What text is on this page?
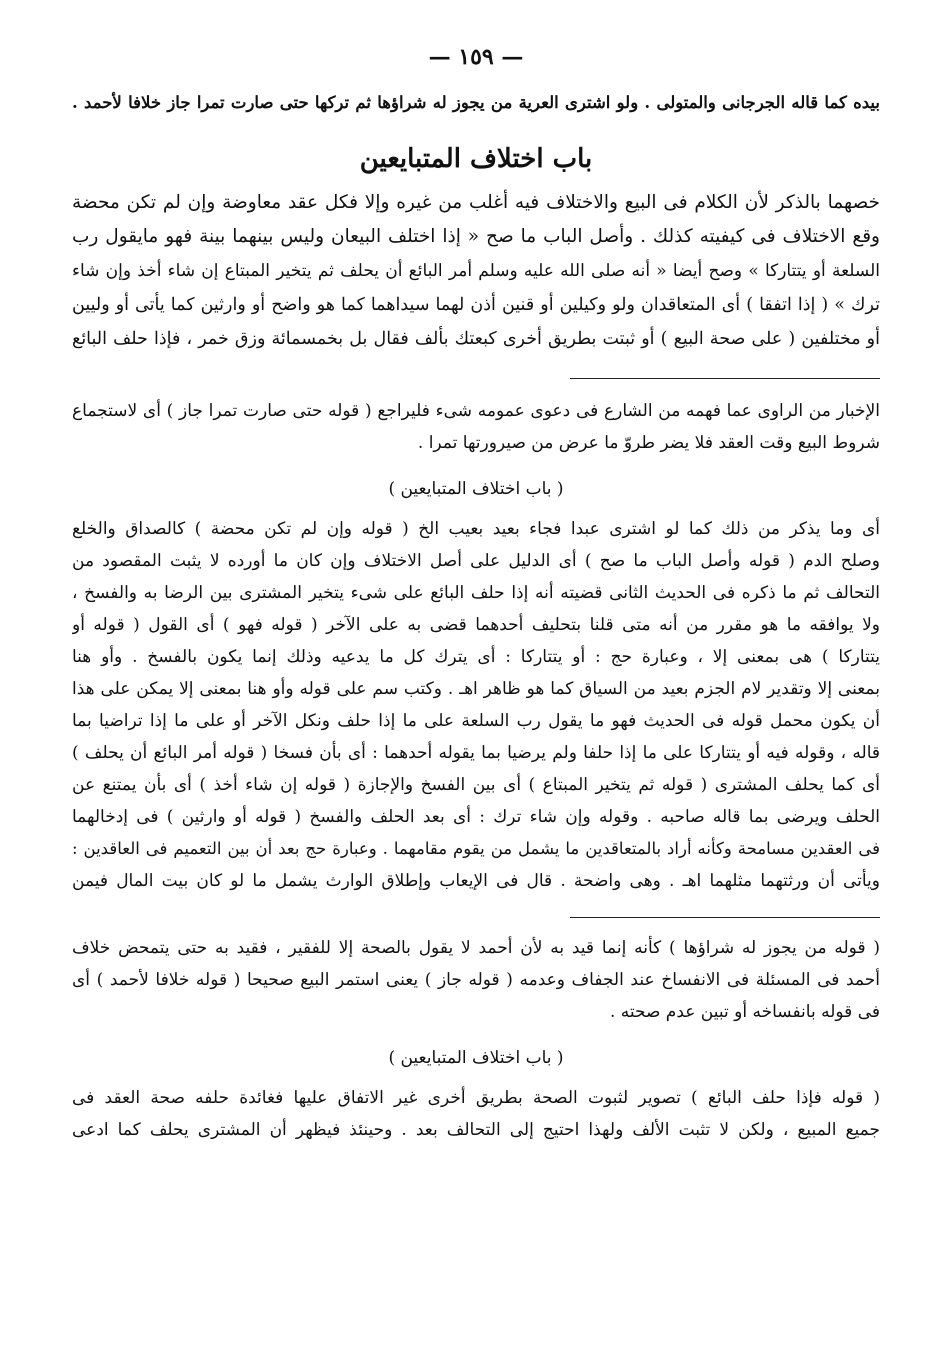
— ١٥٩ —
بيده كما قاله الجرجانى والمتولى . ولو اشترى العرية من يجوز له شراؤها ثم تركها حتى صارت تمرا جاز خلافا لأحمد .
باب اختلاف المتبايعين
خصهما بالذكر لأن الكلام فى البيع والاختلاف فيه أغلب من غيره وإلا فكل عقد معاوضة وإن لم تكن محضة
وقع الاختلاف فى كيفيته كذلك . وأصل الباب ما صح « إذا اختلف البيعان وليس بينهما بينة فهو مايقول رب
السلعة أو يتتاركا » وصح أيضا « أنه صلى الله عليه وسلم أمر البائع أن يحلف ثم يتخير المبتاع إن شاء أخذ وإن شاء
ترك » ( إذا اتفقا ) أى المتعاقدان ولو وكيلين أو قنين أذن لهما سيداهما كما هو واضح أو وارثين كما يأتى أو وليين
أو مختلفين ( على صحة البيع ) أو ثبتت بطريق أخرى كبعتك بألف فقال بل بخمسمائة وزق خمر ، فإذا حلف البائع
الإخبار من الراوى عما فهمه من الشارع فى دعوى عمومه شىء فليراجع ( قوله حتى صارت تمرا جاز ) أى لاستجماع
شروط البيع وقت العقد فلا يضر طروّ ما عرض من صيرورتها تمرا .
( باب اختلاف المتبايعين )
أى وما يذكر من ذلك كما لو اشترى عبدا فجاء بعيد بعيب الخ ( قوله وإن لم تكن محضة ) كالصداق والخلع
وصلح الدم ( قوله وأصل الباب ما صح ) أى الدليل على أصل الاختلاف وإن كان ما أورده لا يثبت المقصود من
التحالف ثم ما ذكره فى الحديث الثانى قضيته أنه إذا حلف البائع على شىء يتخير المشترى بين الرضا به والفسخ ،
ولا يوافقه ما هو مقرر من أنه متى قلنا بتحليف أحدهما قضى به على الآخر ( قوله فهو ) أى القول ( قوله أو
يتتاركا ) هى بمعنى إلا ، وعبارة حج : أو يتتاركا : أى يترك كل ما يدعيه وذلك إنما يكون بالفسخ . وأو هنا
بمعنى إلا وتقدير لام الجزم بعيد من السياق كما هو ظاهر اهـ . وكتب سم على قوله وأو هنا بمعنى إلا يمكن على هذا
أن يكون محمل قوله فى الحديث فهو ما يقول رب السلعة على ما إذا حلف ونكل الآخر أو على ما إذا تراضيا بما
قاله ، وقوله فيه أو يتتاركا على ما إذا حلفا ولم يرضيا بما يقوله أحدهما : أى بأن فسخا ( قوله أمر البائع أن يحلف )
أى كما يحلف المشترى ( قوله ثم يتخير المبتاع ) أى بين الفسخ والإجازة ( قوله إن شاء أخذ ) أى بأن يمتنع عن
الحلف ويرضى بما قاله صاحبه . وقوله وإن شاء ترك : أى بعد الحلف والفسخ ( قوله أو وارثين ) فى إدخالهما
فى العقدين مسامحة وكأنه أراد بالمتعاقدين ما يشمل من يقوم مقامهما . وعبارة حج بعد أن بين التعميم فى العاقدين :
ويأتى أن ورثتهما مثلهما اهـ . وهى واضحة . قال فى الإيعاب وإطلاق الوارث يشمل ما لو كان بيت المال فيمن
( قوله من يجوز له شراؤها ) كأنه إنما قيد به لأن أحمد لا يقول بالصحة إلا للفقير ، فقيد به حتى يتمحض خلاف
أحمد فى المسئلة فى الانفساخ عند الجفاف وعدمه ( قوله جاز ) يعنى استمر البيع صحيحا ( قوله خلافا لأحمد ) أى
فى قوله بانفساخه أو تبين عدم صحته .
( باب اختلاف المتبايعين )
( قوله فإذا حلف البائع ) تصوير لثبوت الصحة بطريق أخرى غير الاتفاق عليها فغائدة حلفه صحة العقد فى
جميع المبيع ، ولكن لا تثبت الألف ولهذا احتيج إلى التحالف بعد . وحينئذ فيظهر أن المشترى يحلف كما ادعى
